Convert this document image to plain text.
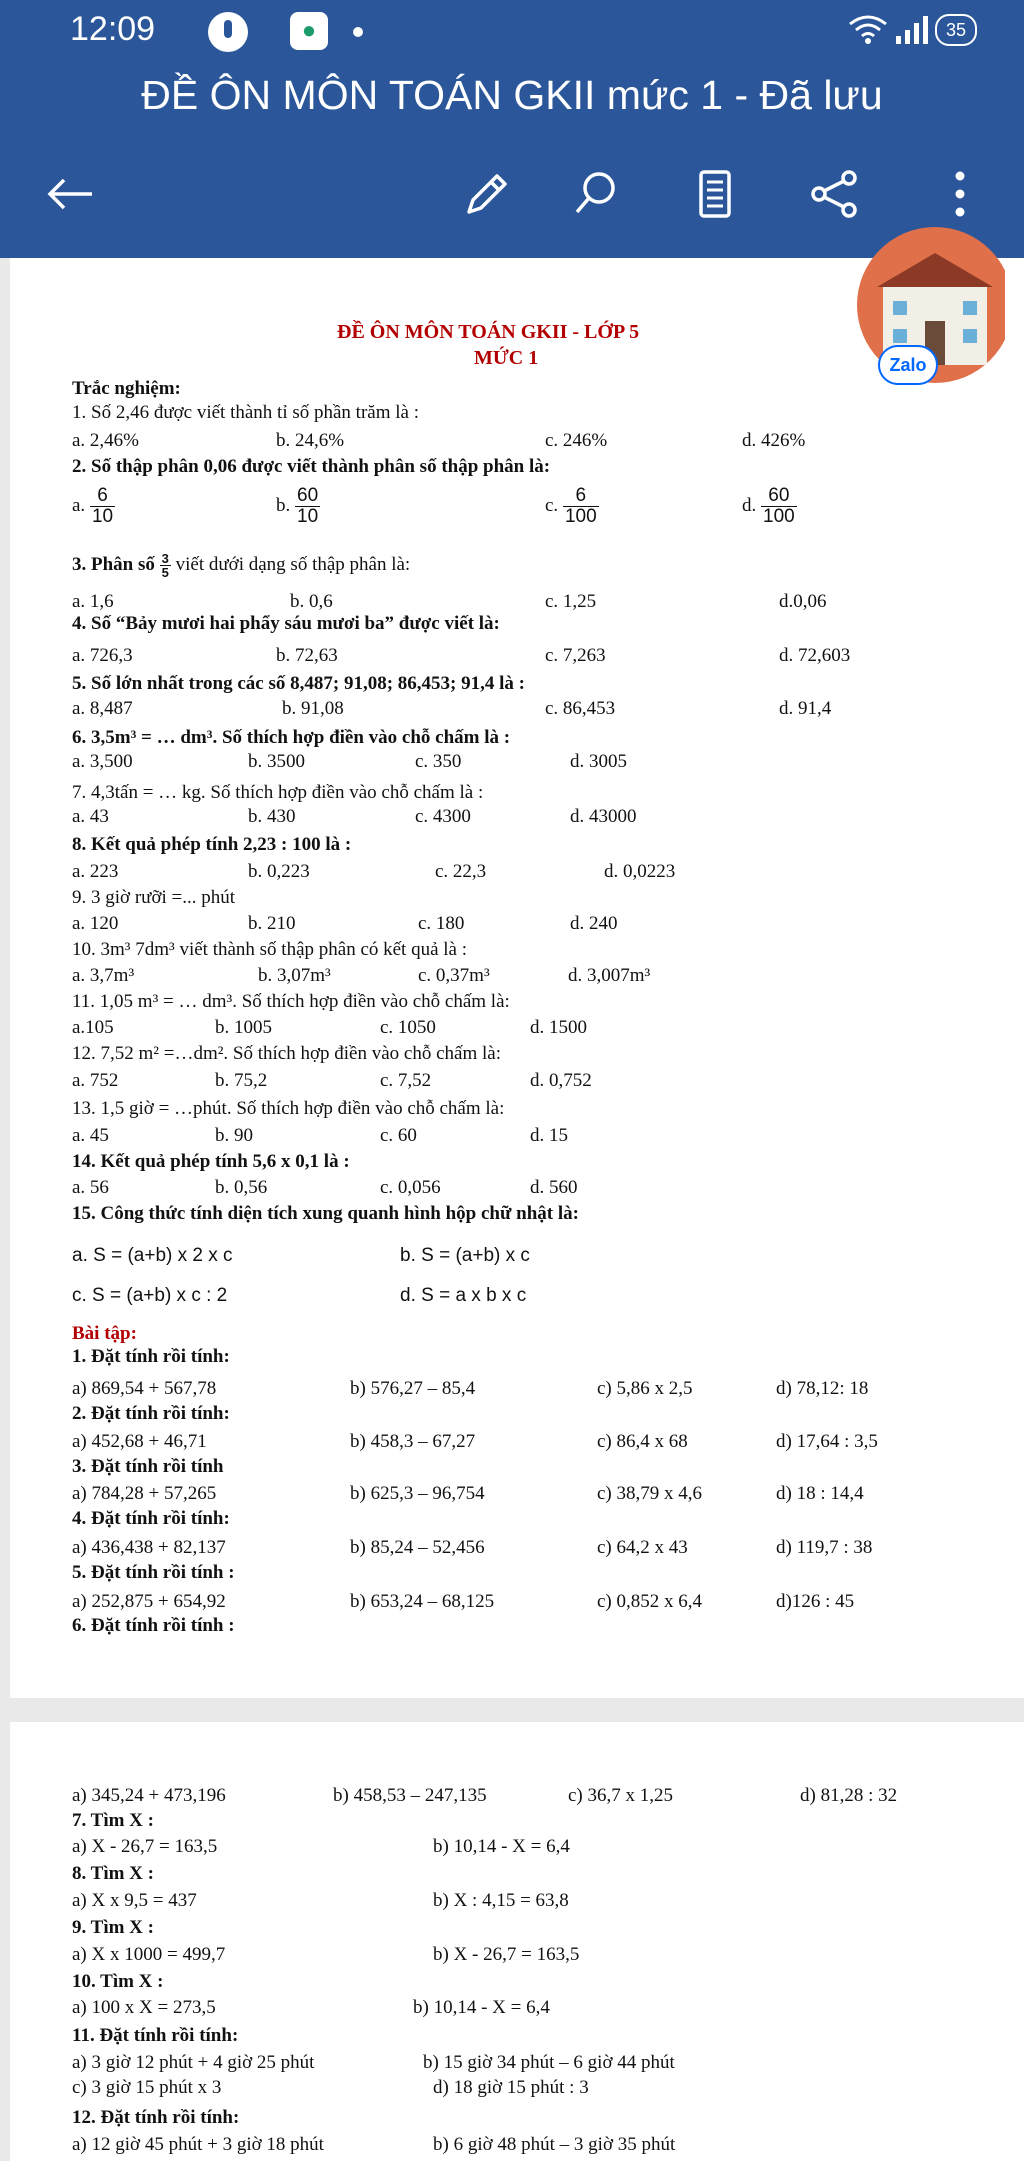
12:09	●	35
ĐỀ ÔN MÔN TOÁN GKII mức 1 - Đã lưu
Zalo
ĐỀ ÔN MÔN TOÁN GKII - LỚP 5
MỨC 1
Trắc nghiệm:
1. Số 2,46 được viết thành tỉ số phần trăm là :
a. 2,46%	b. 24,6%	c. 246%	d. 426%
2. Số thập phân 0,06 được viết thành phân số thập phân là:
a. $\frac{6}{10}$	b. $\frac{60}{10}$	c. $\frac{6}{100}$	d. $\frac{60}{100}$
3. Phân số $\frac{3}{5}$ viết dưới dạng số thập phân là:
a. 1,6	b. 0,6	c. 1,25	d.0,06
4. Số “Bảy mươi hai phẩy sáu mươi ba” được viết là:
a. 726,3	b. 72,63	c. 7,263	d. 72,603
5. Số lớn nhất trong các số 8,487; 91,08; 86,453; 91,4 là :
a. 8,487	b. 91,08	c. 86,453	d. 91,4
6. 3,5m³ = … dm³. Số thích hợp điền vào chỗ chấm là :
a. 3,500	b. 3500	c. 350	d. 3005
7. 4,3tấn = … kg. Số thích hợp điền vào chỗ chấm là :
a. 43	b. 430	c. 4300	d. 43000
8. Kết quả phép tính 2,23 : 100 là :
a. 223	b. 0,223	c. 22,3	d. 0,0223
9. 3 giờ rưỡi =... phút
a. 120	b. 210	c. 180	d. 240
10. 3m³ 7dm³ viết thành số thập phân có kết quả là :
a. 3,7m³	b. 3,07m³	c. 0,37m³	d. 3,007m³
11. 1,05 m³ = … dm³. Số thích hợp điền vào chỗ chấm là:
a.105	b. 1005	c. 1050	d. 1500
12. 7,52 m² =…dm². Số thích hợp điền vào chỗ chấm là:
a. 752	b. 75,2	c. 7,52	d. 0,752
13. 1,5 giờ = …phút. Số thích hợp điền vào chỗ chấm là:
a. 45	b. 90	c. 60	d. 15
14. Kết quả phép tính 5,6 x 0,1 là :
a. 56	b. 0,56	c. 0,056	d. 560
15. Công thức tính diện tích xung quanh hình hộp chữ nhật là:
a. S = (a+b) x 2 x c	b. S = (a+b) x c
c. S = (a+b) x c : 2	d. S = a x b x c
Bài tập:
1. Đặt tính rồi tính:
a) 869,54 + 567,78	b) 576,27 – 85,4	c) 5,86 x 2,5	d) 78,12: 18
2. Đặt tính rồi tính:
a) 452,68 + 46,71	b) 458,3 – 67,27	c) 86,4 x 68	d) 17,64 : 3,5
3. Đặt tính rồi tính
a) 784,28 + 57,265	b) 625,3 – 96,754	c) 38,79 x 4,6	d) 18 : 14,4
4. Đặt tính rồi tính:
a) 436,438 + 82,137	b) 85,24 – 52,456	c) 64,2 x 43	d) 119,7 : 38
5. Đặt tính rồi tính :
a) 252,875 + 654,92	b) 653,24 – 68,125	c) 0,852 x 6,4	d)126 : 45
6. Đặt tính rồi tính :
a) 345,24 + 473,196	b) 458,53 – 247,135	c) 36,7 x 1,25	d) 81,28 : 32
7. Tìm X :
a) X - 26,7 = 163,5	b) 10,14 - X = 6,4
8. Tìm X :
a) X x 9,5 = 437	b) X : 4,15 = 63,8
9. Tìm X :
a) X x 1000 = 499,7	b) X - 26,7 = 163,5
10. Tìm X :
a) 100 x X = 273,5	b) 10,14 - X = 6,4
11. Đặt tính rồi tính:
a) 3 giờ 12 phút + 4 giờ 25 phút	b) 15 giờ 34 phút – 6 giờ 44 phút
c) 3 giờ 15 phút x 3	d) 18 giờ 15 phút : 3
12. Đặt tính rồi tính:
a) 12 giờ 45 phút + 3 giờ 18 phút	b) 6 giờ 48 phút – 3 giờ 35 phút
